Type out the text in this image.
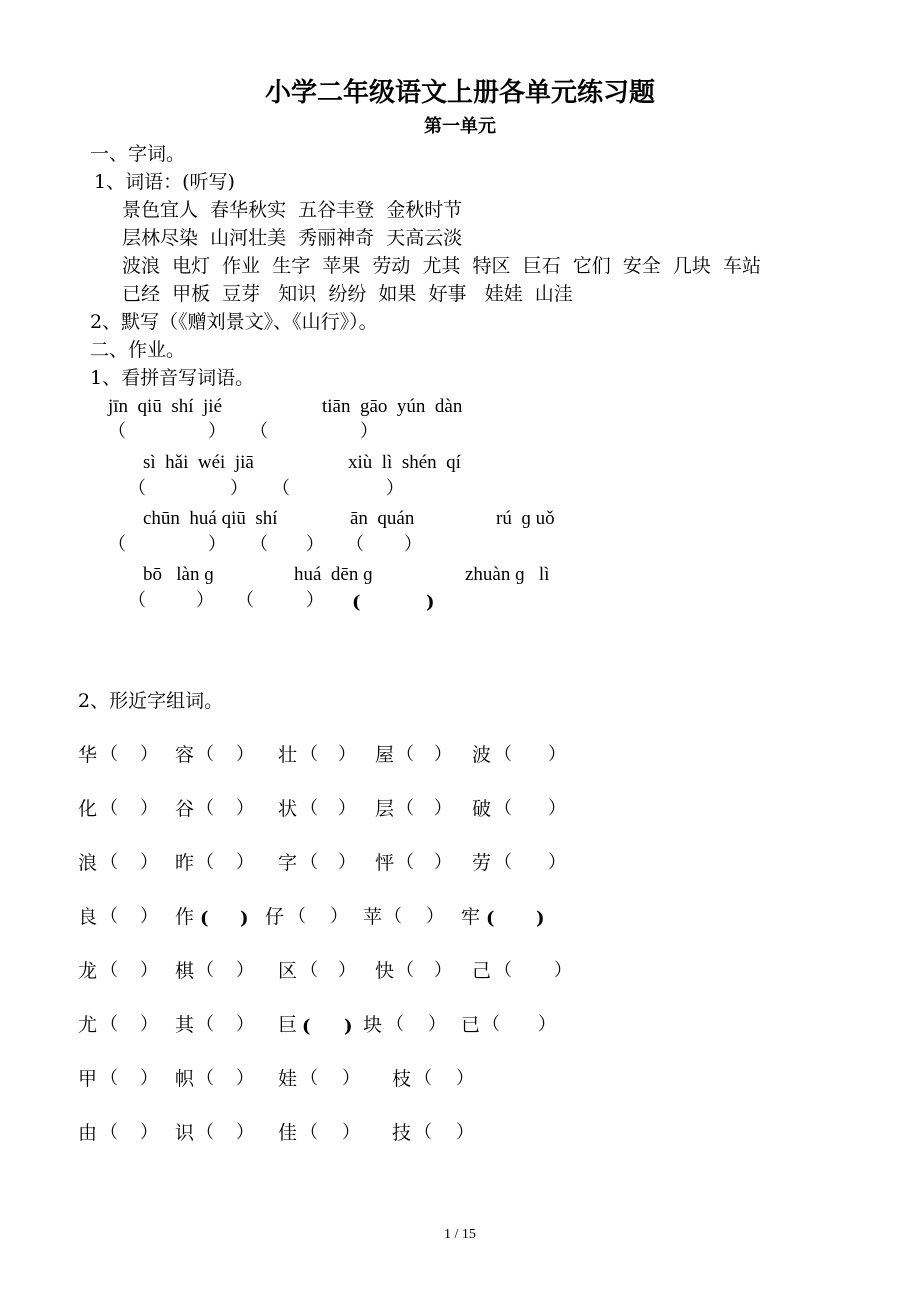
小学二年级语文上册各单元练习题
第一单元
一、字词。
1、词语：(听写)
景色宜人  春华秋实  五谷丰登  金秋时节
层林尽染  山河壮美  秀丽神奇  天高云淡
波浪  电灯  作业  生字  苹果  劳动  尤其  特区  巨石  它们  安全  几块  车站
已经  甲板  豆芽   知识  纷纷  如果  好事   娃娃  山洼
2、默写（《赠刘景文》、《山行》）。
二、作业。
1、看拼音写词语。
jīn  qiū  shí  jié	tiān  gāo  yún  dàn
（	） （	）
sì  hǎi  wéi  jiā	xiù  lì  shén  qí
（	） （	）
chūn  huá qiū  shí	ān  quán	rú  ɡ uǒ
（	） （ ） （ ）
bō   làn ɡ	huá  dēn ɡ	zhuàn ɡ   lì
（	） （	） (	)
2、形近字组词。
华 （ ） 容 （ ） 壮 （ ） 屋 （ ） 波 （ ）
化 （ ） 谷 （ ） 状 （ ） 层 （ ） 破 （ ）
浪 （ ） 昨 （ ） 字 （ ） 怦 （ ） 劳 （ ）
良 （ ） 作 ( ) 仔 （ ） 苹 （ ） 牢 ( )
龙 （ ） 棋 （ ） 区 （ ） 快 （ ） 己 （ ）
尤 （ ） 其 （ ） 巨 ( ) 块 （ ） 已 （ ）
甲 （ ） 帜 （ ） 娃 （ ） 枝 （ ）
由 （ ） 识 （ ） 佳 （ ） 技 （ ）
1 / 15
